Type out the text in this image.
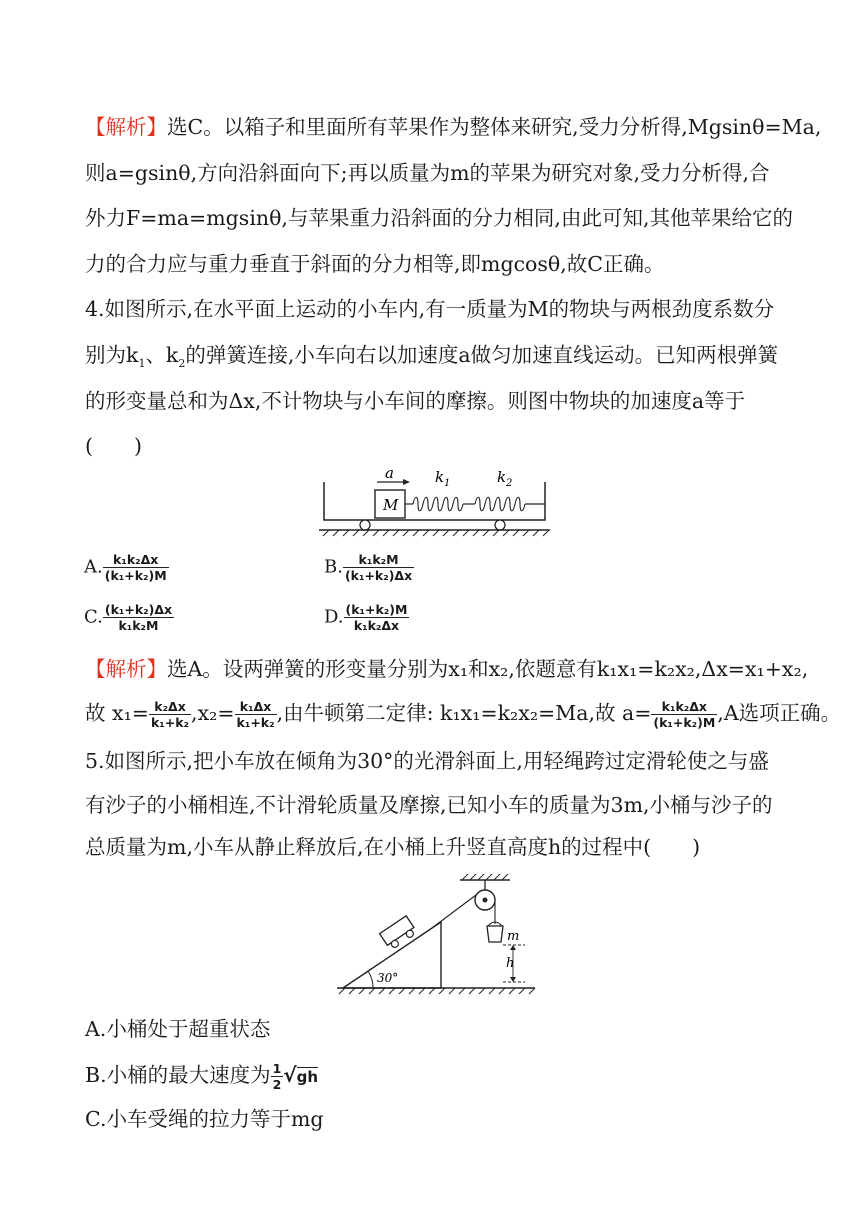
【解析】选C。以箱子和里面所有苹果作为整体来研究,受力分析得,Mgsinθ=Ma,
则a=gsinθ,方向沿斜面向下;再以质量为m的苹果为研究对象,受力分析得,合
外力F=ma=mgsinθ,与苹果重力沿斜面的分力相同,由此可知,其他苹果给它的
力的合力应与重力垂直于斜面的分力相等,即mgcosθ,故C正确。
4.如图所示,在水平面上运动的小车内,有一质量为M的物块与两根劲度系数分
别为$k_1$、$k_2$的弹簧连接,小车向右以加速度a做匀加速直线运动。已知两根弹簧
的形变量总和为Δx,不计物块与小车间的摩擦。则图中物块的加速度a等于
(　　)
M
a	k 1	k 2
A. $\frac{\text{k₁k₂Δx}}{\text{(k₁+k₂)M}}$	B. $\frac{\text{k₁k₂M}}{\text{(k₁+k₂)Δx}}$
C. $\frac{\text{(k₁+k₂)Δx}}{\text{k₁k₂M}}$	D. $\frac{\text{(k₁+k₂)M}}{\text{k₁k₂Δx}}$
【解析】选A。设两弹簧的形变量分别为x₁和x₂,依题意有k₁x₁=k₂x₂,Δx=x₁+x₂,
故 $x_1= \frac{\text{k₂Δx}}{\text{k₁+k₂}} ,x_2= \frac{\text{k₁Δx}}{\text{k₁+k₂}}$ ,由牛顿第二定律: k₁x₁=k₂x₂=Ma,故 $a= \frac{\text{k₁k₂Δx}}{\text{(k₁+k₂)M}} ,A$选项正确。
5.如图所示,把小车放在倾角为30°的光滑斜面上,用轻绳跨过定滑轮使之与盛
有沙子的小桶相连,不计滑轮质量及摩擦,已知小车的质量为3m,小桶与沙子的
总质量为m,小车从静止释放后,在小桶上升竖直高度h的过程中(　　)
m
h
30°
A.小桶处于超重状态
B.小桶的最大速度为 $\frac{1}{2} √gh$
C.小车受绳的拉力等于mg
